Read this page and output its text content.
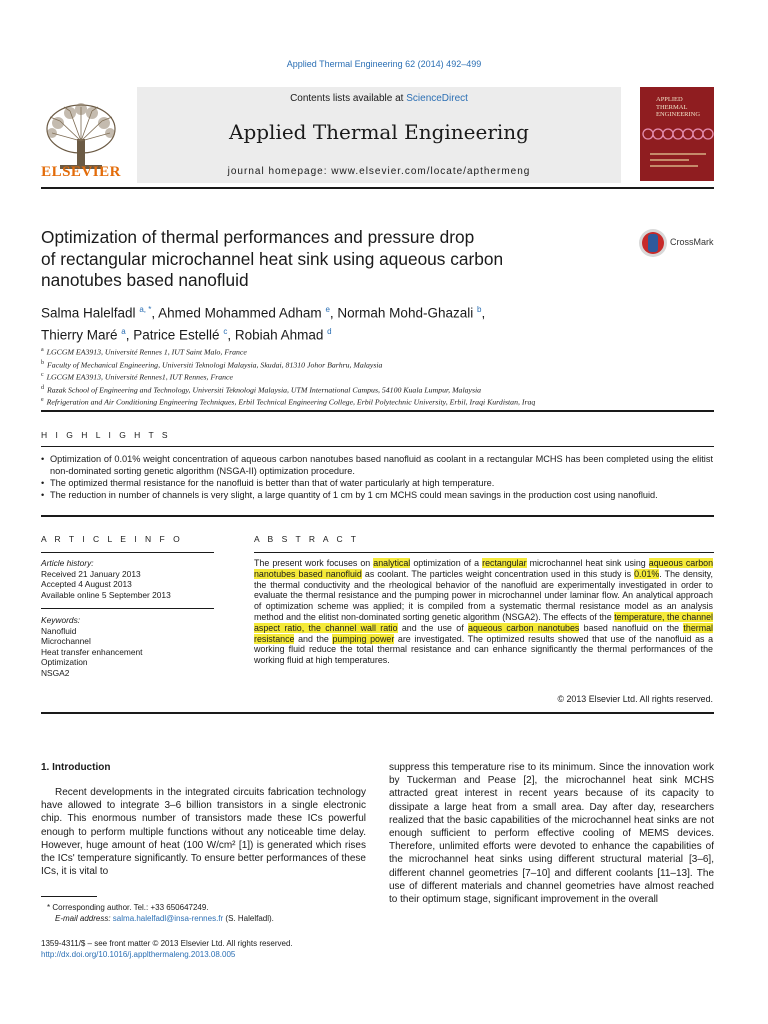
Applied Thermal Engineering 62 (2014) 492–499
ELSEVIER
Contents lists available at ScienceDirect
Applied Thermal Engineering
journal homepage: www.elsevier.com/locate/apthermeng
APPLIED
THERMAL
ENGINEERING
Optimization of thermal performances and pressure drop
of rectangular microchannel heat sink using aqueous carbon
nanotubes based nanofluid
CrossMark
Salma Halelfadl $^{a, *}$, Ahmed Mohammed Adham $^e$, Normah Mohd-Ghazali $^b$,
Thierry Maré $^a$, Patrice Estellé $^c$, Robiah Ahmad $^d$
$^a$ LGCGM EA3913, Université Rennes 1, IUT Saint Malo, France
$^b$ Faculty of Mechanical Engineering, Universiti Teknologi Malaysia, Skudai, 81310 Johor Barhru, Malaysia
$^c$ LGCGM EA3913, Université Rennes1, IUT Rennes, France
$^d$ Razak School of Engineering and Technology, Universiti Teknologi Malaysia, UTM International Campus, 54100 Kuala Lumpur, Malaysia
$^e$ Refrigeration and Air Conditioning Engineering Techniques, Erbil Technical Engineering College, Erbil Polytechnic University, Erbil, Iraqi Kurdistan, Iraq
H I G H L I G H T S
• Optimization of 0.01% weight concentration of aqueous carbon nanotubes based nanofluid as coolant in a rectangular MCHS has been completed using the elitist non-dominated sorting genetic algorithm (NSGA-II) optimization procedure.
• The optimized thermal resistance for the nanofluid is better than that of water particularly at high temperature.
• The reduction in number of channels is very slight, a large quantity of 1 cm by 1 cm MCHS could mean savings in the production cost using nanofluid.
A R T I C L E I N F O
Article history:
Received 21 January 2013
Accepted 4 August 2013
Available online 5 September 2013
Keywords:
Nanofluid
Microchannel
Heat transfer enhancement
Optimization
NSGA2
A B S T R A C T
The present work focuses on analytical optimization of a rectangular microchannel heat sink using aqueous carbon nanotubes based nanofluid as coolant. The particles weight concentration used in this study is 0.01%. The density, the thermal conductivity and the rheological behavior of the nanofluid are experimentally investigated in order to evaluate the thermal resistance and the pumping power in microchannel under laminar flow. An analytical approach of optimization scheme was applied; it is compiled from a systematic thermal resistance model as an analysis method and the elitist non-dominated sorting genetic algorithm (NSGA2). The effects of the temperature, the channel aspect ratio, the channel wall ratio and the use of aqueous carbon nanotubes based nanofluid on the thermal resistance and the pumping power are investigated. The optimized results showed that use of the nanofluid as a working fluid reduce the total thermal resistance and can enhance significantly the thermal performances of the working fluid at high temperatures.
© 2013 Elsevier Ltd. All rights reserved.
1. Introduction
Recent developments in the integrated circuits fabrication technology have allowed to integrate 3–6 billion transistors in a single electronic chip. This enormous number of transistors made these ICs powerful enough to perform multiple functions without any noticeable time delay. However, huge amount of heat (100 W/cm² [1]) is generated which rises the ICs' temperature significantly. To ensure better performances of these ICs, it is vital to
suppress this temperature rise to its minimum. Since the innovation work by Tuckerman and Pease [2], the microchannel heat sink MCHS attracted great interest in recent years because of its capacity to dissipate a large heat from a small area. Day after day, researchers realized that the basic capabilities of the microchannel heat sinks are not enough sufficient to perform effective cooling of MEMS devices. Therefore, unlimited efforts were devoted to enhance the capabilities of the microchannel heat sinks using different structural material [3–6], different channel geometries [7–10] and different coolants [11–13]. The use of different materials and channel geometries have almost reached to their optimum stage, significant improvement in the overall
* Corresponding author. Tel.: +33 650647249.
E-mail address: salma.halelfadl@insa-rennes.fr (S. Halelfadl).
1359-4311/$ – see front matter © 2013 Elsevier Ltd. All rights reserved.
http://dx.doi.org/10.1016/j.applthermaleng.2013.08.005
